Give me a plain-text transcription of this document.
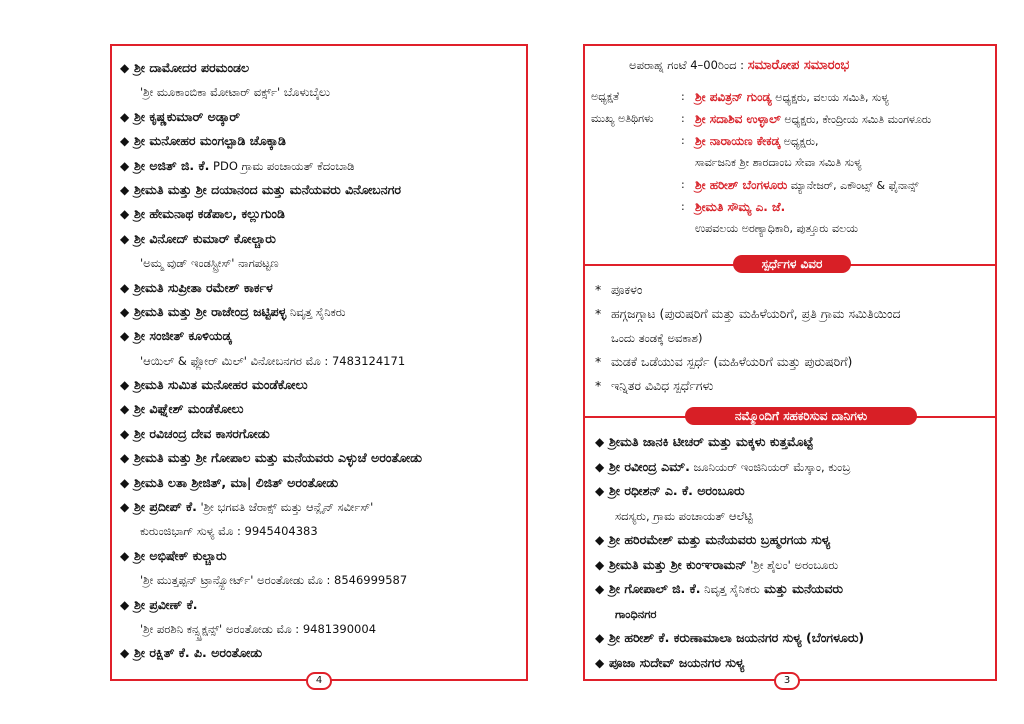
◆ ಶ್ರೀ ದಾಮೋದರ ಪರಮಂಡಲ
'ಶ್ರೀ ಮೂಕಾಂಬಿಕಾ ಮೋಟಾರ್ ವರ್ಕ್ಸ್' ಬೊಳುಬೈಲು
◆ ಶ್ರೀ ಕೃಷ್ಣಕುಮಾರ್ ಅಡ್ಕಾರ್
◆ ಶ್ರೀ ಮನೋಹರ ಮಂಗಲ್ಪಾಡಿ ಚೊಕ್ಕಾಡಿ
◆ ಶ್ರೀ ಅಜಿತ್ ಜಿ. ಕೆ. PDO ಗ್ರಾಮ ಪಂಚಾಯತ್ ಕೆದಂಬಾಡಿ
◆ ಶ್ರೀಮತಿ ಮತ್ತು ಶ್ರೀ ದಯಾನಂದ ಮತ್ತು ಮನೆಯವರು ವಿನೋಬನಗರ
◆ ಶ್ರೀ ಹೇಮನಾಥ ಕಡೆಪಾಲ, ಕಲ್ಲುಗುಂಡಿ
◆ ಶ್ರೀ ವಿನೋದ್ ಕುಮಾರ್ ಕೋಲ್ಚಾರು
'ಅಮ್ಮ ವುಡ್ ಇಂಡಸ್ಟ್ರೀಸ್' ನಾಗಪಟ್ಟಣ
◆ ಶ್ರೀಮತಿ ಸುಪ್ರೀತಾ ರಮೇಶ್ ಕಾರ್ಕಳ
◆ ಶ್ರೀಮತಿ ಮತ್ತು ಶ್ರೀ ರಾಜೇಂದ್ರ ಜಟ್ಟಿಪಳ್ಳ ನಿವೃತ್ತ ಸೈನಿಕರು
◆ ಶ್ರೀ ಸಂಜೀತ್ ಕೂಳಿಯಡ್ಕ
'ಆಯಿಲ್ & ಫ್ಲೋರ್ ಮಿಲ್' ವಿನೋಬನಗರ ಮೊ : 7483124171
◆ ಶ್ರೀಮತಿ ಸುಮಿತ ಮನೋಹರ ಮಂಡೆಕೋಲು
◆ ಶ್ರೀ ವಿಘ್ನೇಶ್ ಮಂಡೆಕೋಲು
◆ ಶ್ರೀ ರವಿಚಂದ್ರ ದೇವ ಕಾಸರಗೋಡು
◆ ಶ್ರೀಮತಿ ಮತ್ತು ಶ್ರೀ ಗೋಪಾಲ ಮತ್ತು ಮನೆಯವರು ಎಳ್ಳುಚೆ ಅರಂತೋಡು
◆ ಶ್ರೀಮತಿ ಲತಾ ಶ್ರೀಜಿತ್, ಮಾ| ಲಿಜಿತ್ ಅರಂತೋಡು
◆ ಶ್ರೀ ಪ್ರದೀಪ್ ಕೆ. 'ಶ್ರೀ ಭಗವತಿ ಜೆರಾಕ್ಸ್ ಮತ್ತು ಆನ್ಲೈನ್ ಸರ್ವೀಸ್'
ಕುರುಂಜಿಭಾಗ್ ಸುಳ್ಯ ಮೊ : 9945404383
◆ ಶ್ರೀ ಅಭಿಷೇಕ್ ಕುಲ್ಚಾರು
'ಶ್ರೀ ಮುತ್ತಪ್ಪನ್ ಟ್ರಾನ್ಸ್ಪೋರ್ಟ್' ಅರಂತೋಡು ಮೊ : 8546999587
◆ ಶ್ರೀ ಪ್ರವೀಣ್ ಕೆ.
'ಶ್ರೀ ಪರಶಿನಿ ಕನ್ಸ್ಟ್ರಕ್ಷನ್ಸ್' ಅರಂತೋಡು ಮೊ : 9481390004
◆ ಶ್ರೀ ರಕ್ಷಿತ್ ಕೆ. ಪಿ. ಅರಂತೋಡು
4
ಅಪರಾಹ್ನ ಗಂಟೆ 4–00ರಿಂದ : ಸಮಾರೋಪ ಸಮಾರಂಭ
ಅಧ್ಯಕ್ಷತೆ	: ಶ್ರೀ ಪವಿತ್ರನ್ ಗುಂಡ್ಯ ಅಧ್ಯಕ್ಷರು, ವಲಯ ಸಮಿತಿ, ಸುಳ್ಯ
ಮುಖ್ಯ ಅತಿಥಿಗಳು	: ಶ್ರೀ ಸದಾಶಿವ ಉಳ್ಳಾಲ್ ಅಧ್ಯಕ್ಷರು, ಕೇಂದ್ರೀಯ ಸಮಿತಿ ಮಂಗಳೂರು
: ಶ್ರೀ ನಾರಾಯಣ ಕೇಕಡ್ಕ ಅಧ್ಯಕ್ಷರು,
ಸಾರ್ವಜನಿಕ ಶ್ರೀ ಶಾರದಾಂಬ ಸೇವಾ ಸಮಿತಿ ಸುಳ್ಯ
: ಶ್ರೀ ಹರೀಶ್ ಬೆಂಗಳೂರು ಮ್ಯಾನೇಜರ್, ಎಕೌಂಟ್ಸ್ & ಫೈನಾನ್ಸ್
: ಶ್ರೀಮತಿ ಸೌಮ್ಯ ಎ. ಜೆ.
ಉಪವಲಯ ಅರಣ್ಯಾಧಿಕಾರಿ, ಪುತ್ತೂರು ವಲಯ
ಸ್ಪರ್ಧೆಗಳ ವಿವರ
* ಪೂಕಳಂ
* ಹಗ್ಗಜಗ್ಗಾಟ (ಪುರುಷರಿಗೆ ಮತ್ತು ಮಹಿಳೆಯರಿಗೆ, ಪ್ರತಿ ಗ್ರಾಮ ಸಮಿತಿಯಿಂದ
ಒಂದು ತಂಡಕ್ಕೆ ಅವಕಾಶ)
* ಮಡಕೆ ಒಡೆಯುವ ಸ್ಪರ್ಧೆ (ಮಹಿಳೆಯರಿಗೆ ಮತ್ತು ಪುರುಷರಿಗೆ)
* ಇನ್ನಿತರ ವಿವಿಧ ಸ್ಪರ್ಧೆಗಳು
ನಮ್ಮೊಂದಿಗೆ ಸಹಕರಿಸುವ ದಾನಿಗಳು
◆ ಶ್ರೀಮತಿ ಜಾನಕಿ ಟೀಚರ್ ಮತ್ತು ಮಕ್ಕಳು ಕುತ್ತಮೊಟ್ಟೆ
◆ ಶ್ರೀ ರವೀಂದ್ರ ಎಮ್. ಜೂನಿಯರ್ ಇಂಜಿನಿಯರ್ ಮೆಸ್ಕಾಂ, ಕುಂಬ್ರ
◆ ಶ್ರೀ ರಧೀಶನ್ ಎ. ಕೆ. ಅರಂಬೂರು
ಸದಸ್ಯರು, ಗ್ರಾಮ ಪಂಚಾಯತ್ ಆಲೆಟ್ಟಿ
◆ ಶ್ರೀ ಹರಿರಮೇಶ್ ಮತ್ತು ಮನೆಯವರು ಬ್ರಹ್ಮರಗಯ ಸುಳ್ಯ
◆ ಶ್ರೀಮತಿ ಮತ್ತು ಶ್ರೀ ಕುಂಞರಾಮನ್ 'ಶ್ರೀ ಶೈಲಂ' ಅರಂಬೂರು
◆ ಶ್ರೀ ಗೋಪಾಲ್ ಜಿ. ಕೆ. ನಿವೃತ್ತ ಸೈನಿಕರು ಮತ್ತು ಮನೆಯವರು
ಗಾಂಧಿನಗರ
◆ ಶ್ರೀ ಹರೀಶ್ ಕೆ. ಕರುಣಾಮಾಲಾ ಜಯನಗರ ಸುಳ್ಯ (ಬೆಂಗಳೂರು)
◆ ಪೂಜಾ ಸುದೇವ್ ಜಯನಗರ ಸುಳ್ಯ
3
